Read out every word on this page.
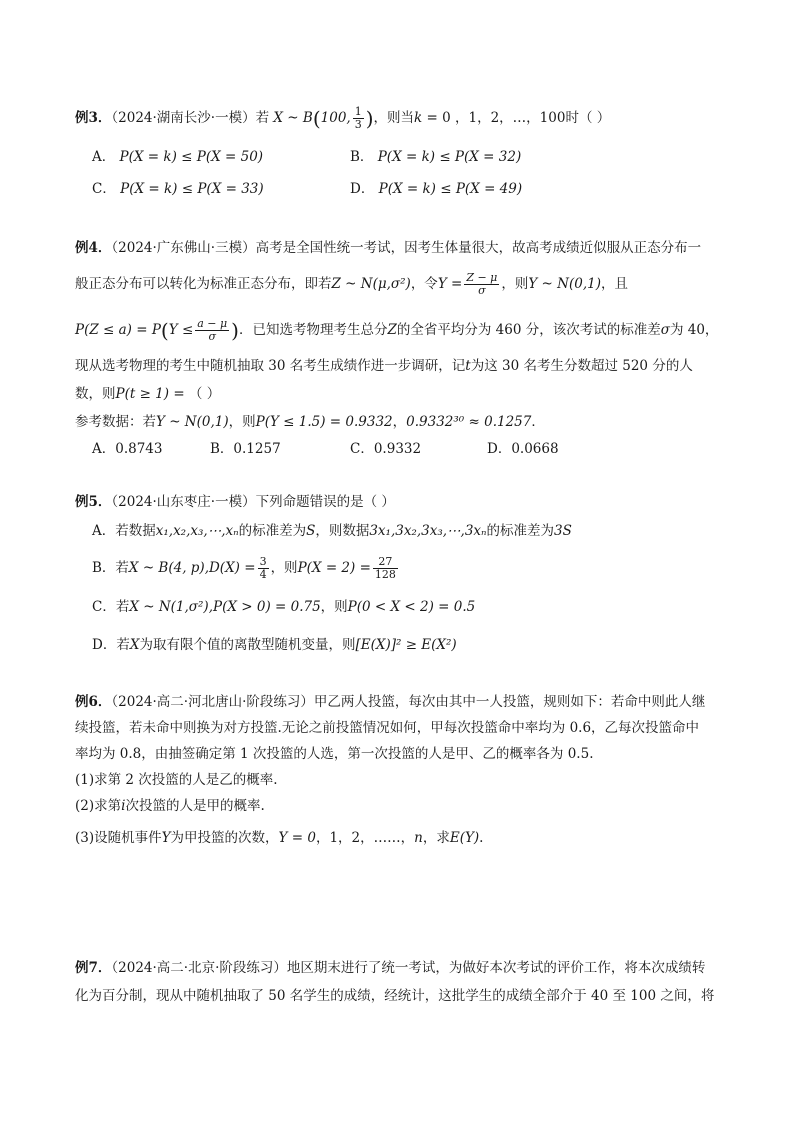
例3．（2024·湖南长沙·一模）若 X ~ B(100, $\frac{1}{3}$ )，则当k = 0 ，1，2，…，100时（ ）
A． P(X = k) ≤ P(X = 50)	B． P(X = k) ≤ P(X = 32)
C． P(X = k) ≤ P(X = 33)	D． P(X = k) ≤ P(X = 49)
例4．（2024·广东佛山·三模）高考是全国性统一考试，因考生体量很大，故高考成绩近似服从正态分布一
般正态分布可以转化为标准正态分布，即若Z ~ N(μ,σ²)，令$Y = \frac{Z - \mu}{\sigma}$ ，则Y ~ N(0,1)，且
$P(Z \le a) = P(Y \le \frac{a - \mu}{\sigma}$ )．已知选考物理考生总分Z的全省平均分为 460 分，该次考试的标准差σ为 40，
现从选考物理的考生中随机抽取 30 名考生成绩作进一步调研，记t为这 30 名考生分数超过 520 分的人
数，则P(t ≥ 1) = （ ）
参考数据：若Y ~ N(0,1)，则P(Y ≤ 1.5) = 0.9332，0.9332³⁰ ≈ 0.1257．
A．0.8743	B．0.1257	C．0.9332	D．0.0668
例5．（2024·山东枣庄·一模）下列命题错误的是（ ）
A．若数据x₁,x₂,x₃,⋯,xₙ的标准差为S，则数据3x₁,3x₂,3x₃,⋯,3xₙ的标准差为3S
B．若X ~ B(4, $p),D(X) = \frac{3}{4}$ ，则$P(X = 2) = \frac{27}{128}$
C．若X ~ N(1,σ²),P(X > 0) = 0.75，则P(0 < X < 2) = 0.5
D．若X为取有限个值的离散型随机变量，则[E(X)]² ≥ E(X²)
例6．（2024·高二·河北唐山·阶段练习）甲乙两人投篮，每次由其中一人投篮，规则如下：若命中则此人继
续投篮，若未命中则换为对方投篮.无论之前投篮情况如何，甲每次投篮命中率均为 0.6，乙每次投篮命中
率均为 0.8，由抽签确定第 1 次投篮的人选，第一次投篮的人是甲、乙的概率各为 0.5.
(1)求第 2 次投篮的人是乙的概率.
(2)求第i次投篮的人是甲的概率.
(3)设随机事件Y为甲投篮的次数，Y = 0，1，2，……，n，求E(Y).
例7．（2024·高二·北京·阶段练习）地区期末进行了统一考试，为做好本次考试的评价工作，将本次成绩转
化为百分制，现从中随机抽取了 50 名学生的成绩，经统计，这批学生的成绩全部介于 40 至 100 之间，将
